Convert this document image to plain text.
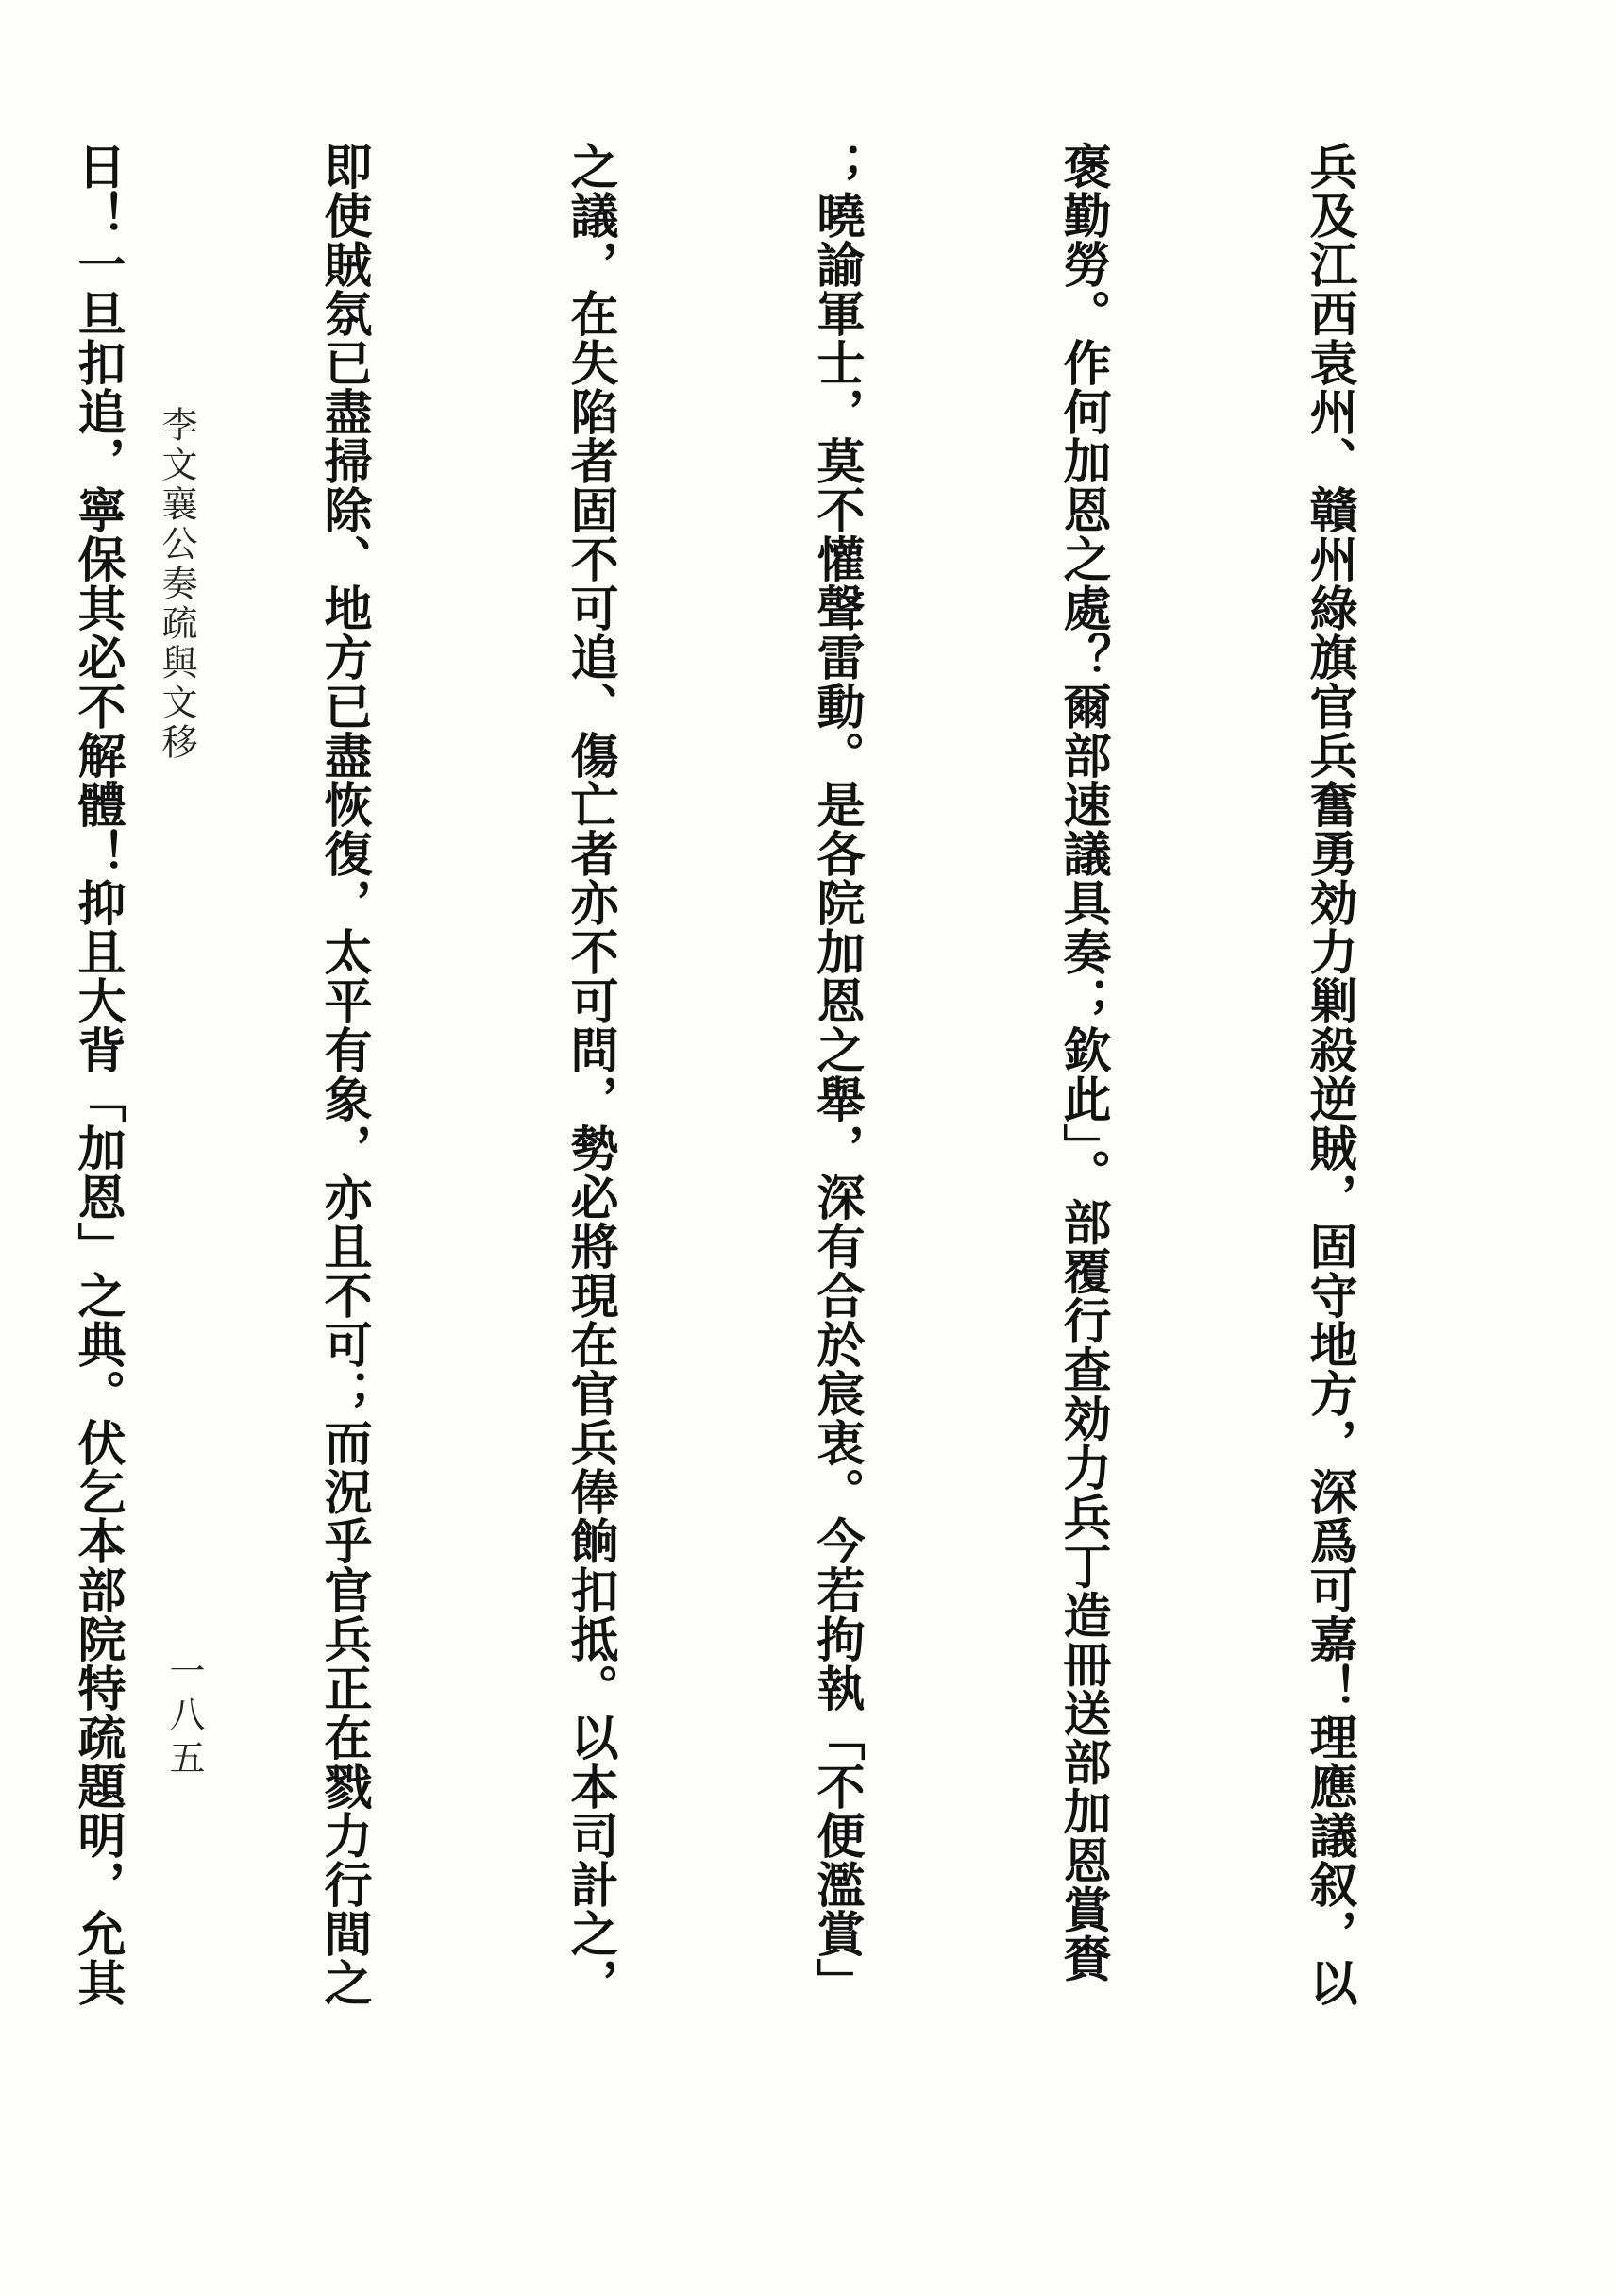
兵及江西袁州、贛州綠旗官兵奮勇効力剿殺逆賊，固守地方，深爲可嘉！理應議叙，以

褒勤勞。作何加恩之處？爾部速議具奏；欽此」。部覆行查効力兵丁造冊送部加恩賞賚

；曉諭軍士，莫不懽聲雷動。是各院加恩之舉，深有合於宸衷。今若拘執「不便濫賞」

之議，在失陷者固不可追、傷亡者亦不可問，勢必將現在官兵俸餉扣抵。以本司計之，

即使賊氛已盡掃除、地方已盡恢復，太平有象，亦且不可；而況乎官兵正在戮力行間之

日！一旦扣追，寧保其必不解體！抑且大背「加恩」之典。伏乞本部院特疏題明，允其

李文襄公奏疏與文移
一八五
